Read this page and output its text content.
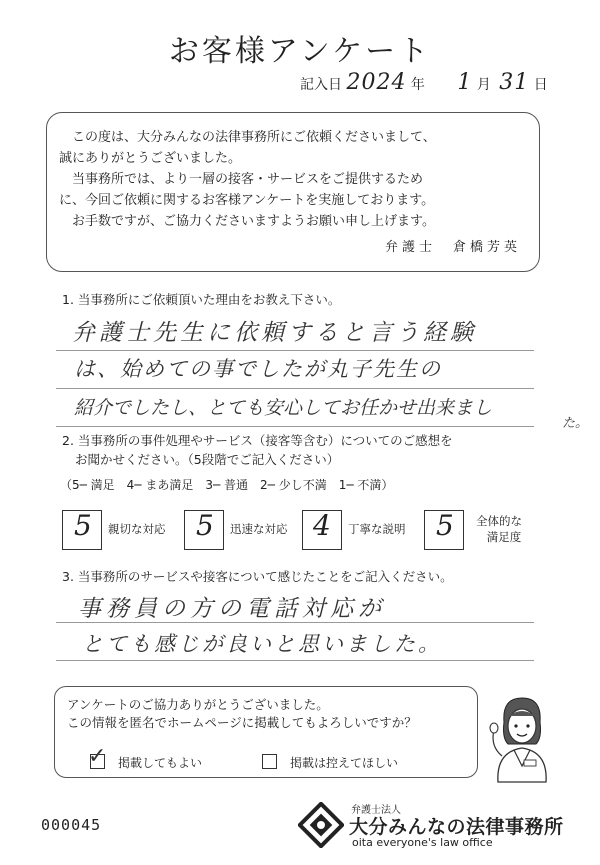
お客様アンケート
記入日 2024 年 1 月 31 日

この度は、大分みんなの法律事務所にご依頼くださいまして、

誠にありがとうございました。

当事務所では、より一層の接客・サービスをご提供するため

に、今回ご依頼に関するお客様アンケートを実施しております。

お手数ですが、ご協力くださいますようお願い申し上げます。

弁護士　倉橋芳英
1. 当事務所にご依頼頂いた理由をお教え下さい。
弁護士先生に依頼すると言う経験
は、始めての事でしたが丸子先生の
紹介でしたし、とても安心してお任かせ出来まし
た。
2. 当事務所の事件処理やサービス（接客等含む）についてのご感想を
お聞かせください。（5段階でご記入ください）
（5─ 満足　4─ まあ満足　3─ 普通　2─ 少し不満　1─ 不満）
5 親切な対応 5 迅速な対応 4 丁寧な説明 5	全体的な
満足度
3. 当事務所のサービスや接客について感じたことをご記入ください。
事務員の方の電話対応が
とても感じが良いと思いました。
アンケートのご協力ありがとうございました。
この情報を匿名でホームページに掲載してもよろしいですか？
✓ 掲載してもよい	掲載は控えてほしい
000045
弁護士法人
大分みんなの法律事務所
oita everyone's law office
